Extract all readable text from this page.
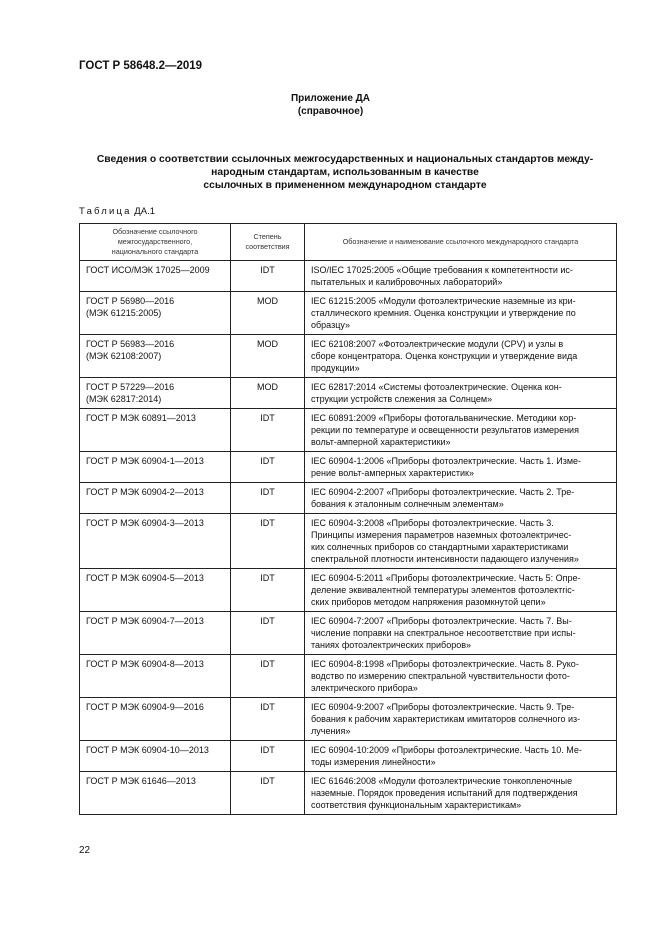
ГОСТ Р 58648.2—2019
Приложение ДА
(справочное)
Сведения о соответствии ссылочных межгосударственных и национальных стандартов между-
народным стандартам, использованным в качестве
ссылочных в примененном международном стандарте
Таблица ДА.1
Обозначение ссылочного
межгосударственного,
национального стандарта	Степень
соответствия	Обозначение и наименование ссылочного международного стандарта

ГОСТ ИСО/МЭК 17025—2009	IDT	ISO/IEC 17025:2005 «Общие требования к компетентности ис-
пытательных и калибровочных лабораторий»

ГОСТ Р 56980—2016
(МЭК 61215:2005)	MOD	IEC 61215:2005 «Модули фотоэлектрические наземные из кри-
сталлического кремния. Оценка конструкции и утверждение по
образцу»

ГОСТ Р 56983—2016
(МЭК 62108:2007)	MOD	IEC 62108:2007 «Фотоэлектрические модули (CPV) и узлы в
сборе концентратора. Оценка конструкции и утверждение вида
продукции»

ГОСТ Р 57229—2016
(МЭК 62817:2014)	MOD	IEC 62817:2014 «Системы фотоэлектрические. Оценка кон-
струкции устройств слежения за Солнцем»

ГОСТ Р МЭК 60891—2013	IDT	IEC 60891:2009 «Приборы фотогальванические. Методики кор-
рекции по температуре и освещенности результатов измерения
вольт-амперной характеристики»

ГОСТ Р МЭК 60904-1—2013	IDT	IEC 60904-1:2006 «Приборы фотоэлектрические. Часть 1. Изме-
рение вольт-амперных характеристик»

ГОСТ Р МЭК 60904-2—2013	IDT	IEC 60904-2:2007 «Приборы фотоэлектрические. Часть 2. Тре-
бования к эталонным солнечным элементам»

ГОСТ Р МЭК 60904-3—2013	IDT	IEC 60904-3:2008 «Приборы фотоэлектрические. Часть 3.
Принципы измерения параметров наземных фотоэлектричес-
ких солнечных приборов со стандартными характеристиками
спектральной плотности интенсивности падающего излучения»

ГОСТ Р МЭК 60904-5—2013	IDT	IEC 60904-5:2011 «Приборы фотоэлектрические. Часть 5: Опре-
деление эквивалентной температуры элементов фотоэлектric-
ских приборов методом напряжения разомкнутой цепи»

ГОСТ Р МЭК 60904-7—2013	IDT	IEC 60904-7:2007 «Приборы фотоэлектрические. Часть 7. Вы-
числение поправки на спектральное несоответствие при испы-
таниях фотоэлектрических приборов»

ГОСТ Р МЭК 60904-8—2013	IDT	IEC 60904-8:1998 «Приборы фотоэлектрические. Часть 8. Руко-
водство по измерению спектральной чувствительности фото-
электрического прибора»

ГОСТ Р МЭК 60904-9—2016	IDT	IEC 60904-9:2007 «Приборы фотоэлектрические. Часть 9. Тре-
бования к рабочим характеристикам имитаторов солнечного из-
лучения»

ГОСТ Р МЭК 60904-10—2013	IDT	IEC 60904-10:2009 «Приборы фотоэлектрические. Часть 10. Ме-
тоды измерения линейности»

ГОСТ Р МЭК 61646—2013	IDT	IEC 61646:2008 «Модули фотоэлектрические тонкопленочные
наземные. Порядок проведения испытаний для подтверждения
соответствия функциональным характеристикам»
22
